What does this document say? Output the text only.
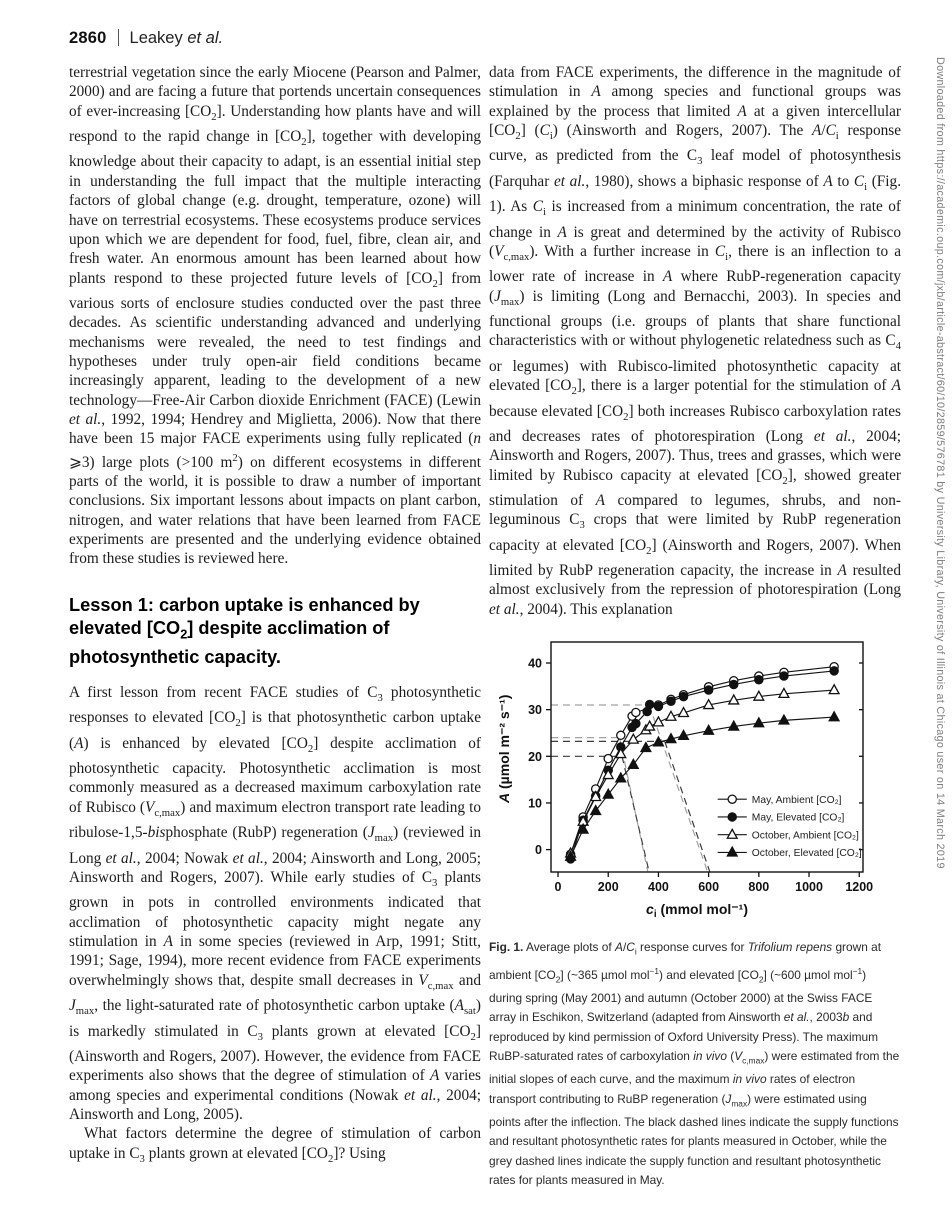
2860 Leakey et al.

terrestrial vegetation since the early Miocene (Pearson and Palmer, 2000) and are facing a future that portends uncertain consequences of ever-increasing $[CO_2]$. Understanding how plants have and will respond to the rapid change in $[CO_2]$, together with developing knowledge about their capacity to adapt, is an essential initial step in understanding the full impact that the multiple interacting factors of global change (e.g. drought, temperature, ozone) will have on terrestrial ecosystems. These ecosystems produce services upon which we are dependent for food, fuel, fibre, clean air, and fresh water. An enormous amount has been learned about how plants respond to these projected future levels of $[CO_2]$ from various sorts of enclosure studies conducted over the past three decades. As scientific understanding advanced and underlying mechanisms were revealed, the need to test findings and hypotheses under truly open-air field conditions became increasingly apparent, leading to the development of a new technology—Free-Air Carbon dioxide Enrichment (FACE) (Lewin et al., 1992, 1994; Hendrey and Miglietta, 2006). Now that there have been 15 major FACE experiments using fully replicated (n ⩾3) large plots (>100 $m^2$) on different ecosystems in different parts of the world, it is possible to draw a number of important conclusions. Six important lessons about impacts on plant carbon, nitrogen, and water relations that have been learned from FACE experiments are presented and the underlying evidence obtained from these studies is reviewed here.

Lesson 1: carbon uptake is enhanced by elevated $[CO_2]$ despite acclimation of photosynthetic capacity.

A first lesson from recent FACE studies of $C_3$ photosynthetic responses to elevated $[CO_2]$ is that photosynthetic carbon uptake (A) is enhanced by elevated $[CO_2]$ despite acclimation of photosynthetic capacity. Photosynthetic acclimation is most commonly measured as a decreased maximum carboxylation rate of Rubisco $(V_{c,max})$ and maximum electron transport rate leading to ribulose-1,5-bisphosphate (RubP) regeneration $(J_{max})$ (reviewed in Long et al., 2004; Nowak et al., 2004; Ainsworth and Long, 2005; Ainsworth and Rogers, 2007). While early studies of $C_3$ plants grown in pots in controlled environments indicated that acclimation of photosynthetic capacity might negate any stimulation in A in some species (reviewed in Arp, 1991; Stitt, 1991; Sage, 1994), more recent evidence from FACE experiments overwhelmingly shows that, despite small decreases in $V_{c,max}$ and $J_{max}$, the light-saturated rate of photosynthetic carbon uptake $(A_{sat})$ is markedly stimulated in $C_3$ plants grown at elevated $[CO_2]$ (Ainsworth and Rogers, 2007). However, the evidence from FACE experiments also shows that the degree of stimulation of A varies among species and experimental conditions (Nowak et al., 2004; Ainsworth and Long, 2005).

What factors determine the degree of stimulation of carbon uptake in $C_3$ plants grown at elevated $[CO_2]$? Using

data from FACE experiments, the difference in the magnitude of stimulation in A among species and functional groups was explained by the process that limited A at a given intercellular $[CO_2]$ $(C_i)$ (Ainsworth and Rogers, 2007). The $A/C_i$ response curve, as predicted from the $C_3$ leaf model of photosynthesis (Farquhar et al., 1980), shows a biphasic response of A to $C_i$ (Fig. 1). As $C_i$ is increased from a minimum concentration, the rate of change in A is great and determined by the activity of Rubisco $(V_{c,max})$. With a further increase in $C_i$, there is an inflection to a lower rate of increase in A where RubP-regeneration capacity $(J_{max})$ is limiting (Long and Bernacchi, 2003). In species and functional groups (i.e. groups of plants that share functional characteristics with or without phylogenetic relatedness such as $C_4$ or legumes) with Rubisco-limited photosynthetic capacity at elevated $[CO_2]$, there is a larger potential for the stimulation of A because elevated $[CO_2]$ both increases Rubisco carboxylation rates and decreases rates of photorespiration (Long et al., 2004; Ainsworth and Rogers, 2007). Thus, trees and grasses, which were limited by Rubisco capacity at elevated $[CO_2]$, showed greater stimulation of A compared to legumes, shrubs, and non-leguminous $C_3$ crops that were limited by RubP regeneration capacity at elevated $[CO_2]$ (Ainsworth and Rogers, 2007). When limited by RubP regeneration capacity, the increase in A resulted almost exclusively from the repression of photorespiration (Long et al., 2004). This explanation

0	200 400 600 800 1000 1200
0
10
20
30
40
$c_i$ (mmol mol⁻¹)
A (µmol m⁻² s⁻¹)
May, Ambient [CO₂]
May, Elevated [CO₂]
October, Ambient [CO₂]
October, Elevated [CO₂]
Fig. 1. Average plots of $A/C_i$ response curves for Trifolium repens grown at ambient $[CO_2]$ (~365 µmol mol$^{-1}$) and elevated $[CO_2]$ (~600 µmol mol$^{-1}$) during spring (May 2001) and autumn (October 2000) at the Swiss FACE array in Eschikon, Switzerland (adapted from Ainsworth et al., 2003b and reproduced by kind permission of Oxford University Press). The maximum RuBP-saturated rates of carboxylation in vivo $(V_{c,max})$ were estimated from the initial slopes of each curve, and the maximum in vivo rates of electron transport contributing to RuBP regeneration $(J_{max})$ were estimated using points after the inflection. The black dashed lines indicate the supply functions and resultant photosynthetic rates for plants measured in October, while the grey dashed lines indicate the supply function and resultant photosynthetic rates for plants measured in May.
Downloaded from https://academic.oup.com/jxb/article-abstract/60/10/2859/576781 by University Library, University of Illinois at Chicago user on 14 March 2019
